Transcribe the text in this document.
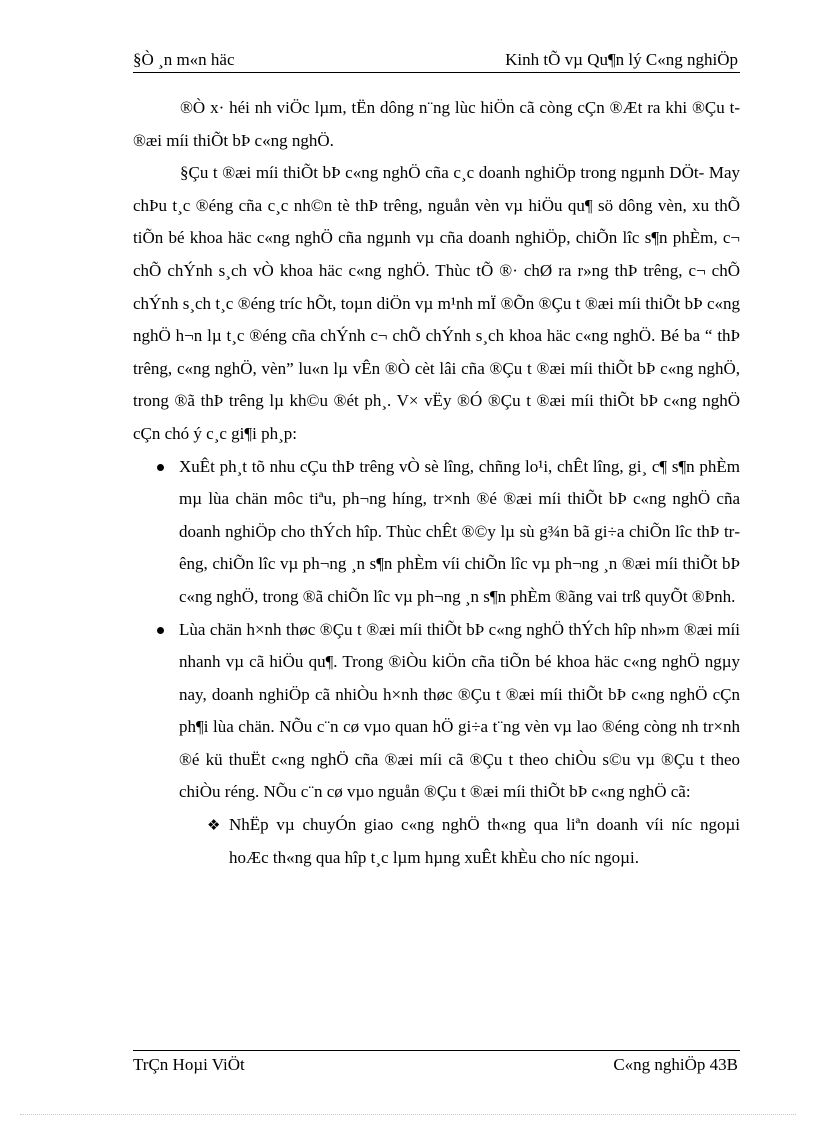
§Ò ¸n m«n häc	Kinh tÕ vµ Qu¶n lý C«ng nghiÖp

®Ò x· héi nh viÖc lµm, tËn dông n¨ng lùc hiÖn cã còng cÇn ®Æt ra khi ®Çu t ®æi míi thiÕt bÞ c«ng nghÖ.

§Çu t ®æi míi thiÕt bÞ c«ng nghÖ cña c¸c doanh nghiÖp trong ngµnh DÖt- May chÞu t¸c ®éng cña c¸c nh©n tè thÞ trêng, nguån vèn vµ hiÖu qu¶ sö dông vèn, xu thÕ tiÕn bé khoa häc c«ng nghÖ cña ngµnh vµ cña doanh nghiÖp, chiÕn lîc s¶n phÈm, c¬ chÕ chÝnh s¸ch vÒ khoa häc c«ng nghÖ. Thùc tÕ ®· chØ ra r»ng thÞ trêng, c¬ chÕ chÝnh s¸ch t¸c ®éng tríc hÕt, toµn diÖn vµ m¹nh mÏ ®Õn ®Çu t ®æi míi thiÕt bÞ c«ng nghÖ h¬n lµ t¸c ®éng cña chÝnh c¬ chÕ chÝnh s¸ch khoa häc c«ng nghÖ. Bé ba “ thÞ trêng, c«ng nghÖ, vèn” lu«n lµ vÊn ®Ò cèt lâi cña ®Çu t ®æi míi thiÕt bÞ c«ng nghÖ, trong ®ã thÞ trêng lµ kh©u ®ét ph¸. V× vËy ®Ó ®Çu t ®æi míi thiÕt bÞ c«ng nghÖ cÇn chó ý c¸c gi¶i ph¸p:

XuÊt ph¸t tõ nhu cÇu thÞ trêng vÒ sè lîng, chñng lo¹i, chÊt lîng, gi¸ c¶ s¶n phÈm mµ lùa chän môc tiªu, ph¬ng híng, tr×nh ®é ®æi míi thiÕt bÞ c«ng nghÖ cña doanh nghiÖp cho thÝch hîp. Thùc chÊt ®©y lµ sù g¾n bã gi÷a chiÕn lîc thÞ trêng, chiÕn lîc vµ ph¬ng ¸n s¶n phÈm víi chiÕn lîc vµ ph¬ng ¸n ®æi míi thiÕt bÞ c«ng nghÖ, trong ®ã chiÕn lîc vµ ph¬ng ¸n s¶n phÈm ®ãng vai trß quyÕt ®Þnh.
Lùa chän h×nh thøc ®Çu t ®æi míi thiÕt bÞ c«ng nghÖ thÝch hîp nh»m ®æi míi nhanh vµ cã hiÖu qu¶. Trong ®iÒu kiÖn cña tiÕn bé khoa häc c«ng nghÖ ngµy nay, doanh nghiÖp cã nhiÒu h×nh thøc ®Çu t ®æi míi thiÕt bÞ c«ng nghÖ cÇn ph¶i lùa chän. NÕu c¨n cø vµo quan hÖ gi÷a t¨ng vèn vµ lao ®éng còng nh tr×nh ®é kü thuËt c«ng nghÖ cña ®æi míi cã ®Çu t theo chiÒu s©u vµ ®Çu t theo chiÒu réng. NÕu c¨n cø vµo nguån ®Çu t ®æi míi thiÕt bÞ c«ng nghÖ cã:
❖ NhËp vµ chuyÓn giao c«ng nghÖ th«ng qua liªn doanh víi níc ngoµi hoÆc th«ng qua hîp t¸c lµm hµng xuÊt khÈu cho níc ngoµi.
TrÇn Hoµi ViÖt	C«ng nghiÖp 43B
